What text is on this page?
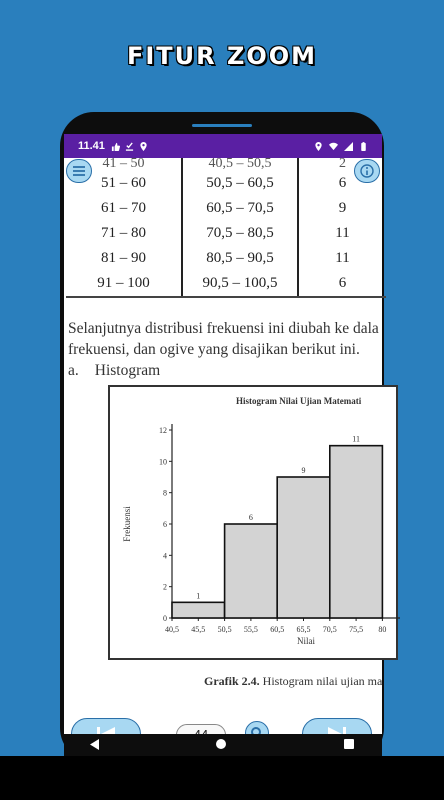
FITUR ZOOM
11.41
41 – 50	40,5 – 50,5	2
51 – 60	50,5 – 60,5	6
61 – 70	60,5 – 70,5	9
71 – 80	70,5 – 80,5	11
81 – 90	80,5 – 90,5	11
91 – 100	90,5 – 100,5	6
Selanjutnya distribusi frekuensi ini diubah ke dala
frekuensi, dan ogive yang disajikan berikut ini.
a. Histogram
Histogram Nilai Ujian Matemati
0
2
4
6
8
10
12
40,5 45,5 50,5 55,5 60,5 65,5 70,5 75,5 80
1
6
9
11
Nilai
Frekuensi
Grafik 2.4. Histogram nilai ujian ma
